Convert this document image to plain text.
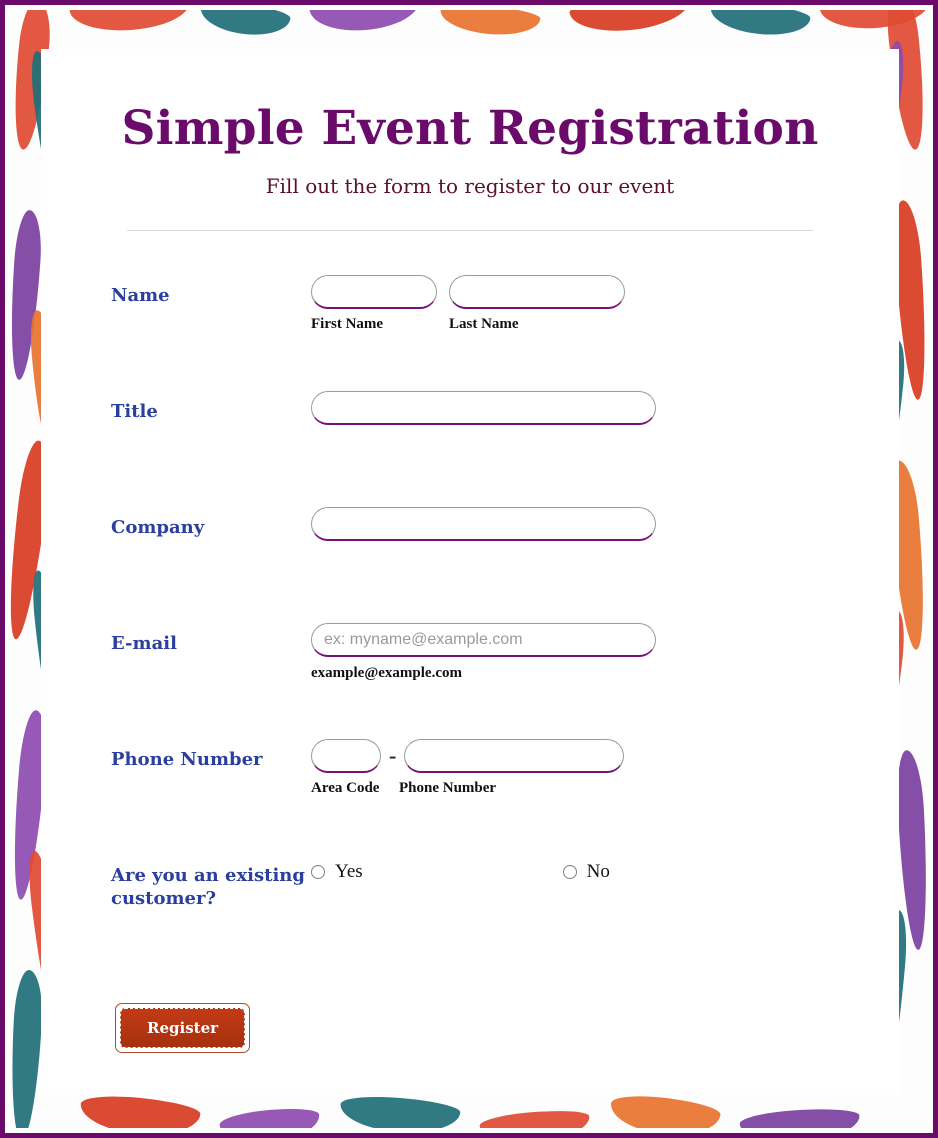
Simple Event Registration

Fill out the form to register to our event

Name
First Name	Last Name
Title
Company
E-mail
ex: myname@example.com
example@example.com
Phone Number	-
Area Code	Phone Number
Are you an existing customer?
Yes	No
Register
